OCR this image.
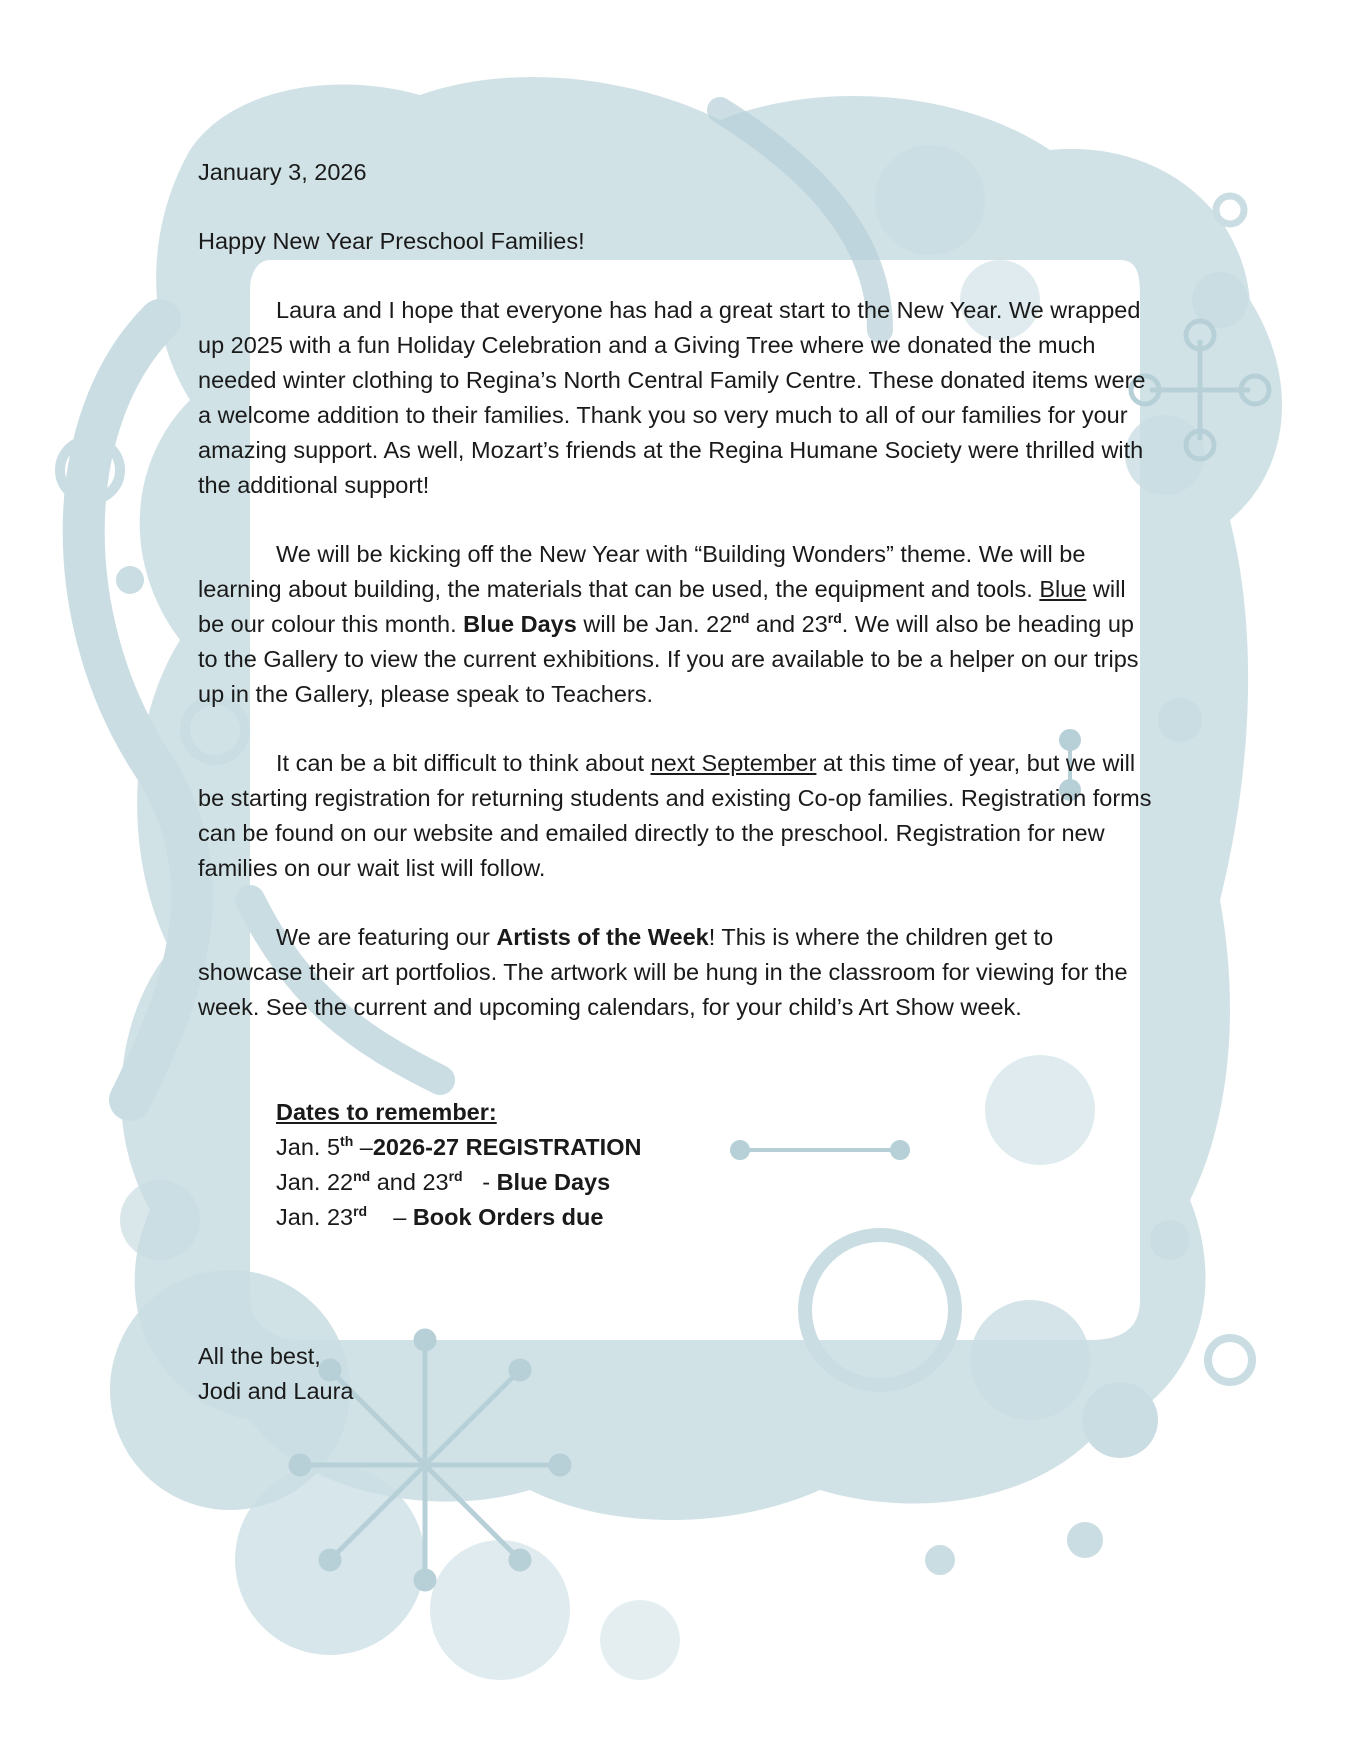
January 3, 2026

Happy New Year Preschool Families!

Laura and I hope that everyone has had a great start to the New Year. We wrapped up 2025 with a fun Holiday Celebration and a Giving Tree where we donated the much needed winter clothing to Regina’s North Central Family Centre. These donated items were a welcome addition to their families. Thank you so very much to all of our families for your amazing support. As well, Mozart’s friends at the Regina Humane Society were thrilled with the additional support!

We will be kicking off the New Year with “Building Wonders” theme. We will be learning about building, the materials that can be used, the equipment and tools. Blue will be our colour this month. Blue Days will be Jan. 22nd and 23rd. We will also be heading up to the Gallery to view the current exhibitions. If you are available to be a helper on our trips up in the Gallery, please speak to Teachers.

It can be a bit difficult to think about next September at this time of year, but we will be starting registration for returning students and existing Co-op families. Registration forms can be found on our website and emailed directly to the preschool. Registration for new families on our wait list will follow.

We are featuring our Artists of the Week! This is where the children get to showcase their art portfolios. The artwork will be hung in the classroom for viewing for the week. See the current and upcoming calendars, for your child’s Art Show week.

Dates to remember:
Jan. 5th –2026-27 REGISTRATION
Jan. 22nd and 23rd   - Blue Days
Jan. 23rd    – Book Orders due

All the best,

Jodi and Laura
